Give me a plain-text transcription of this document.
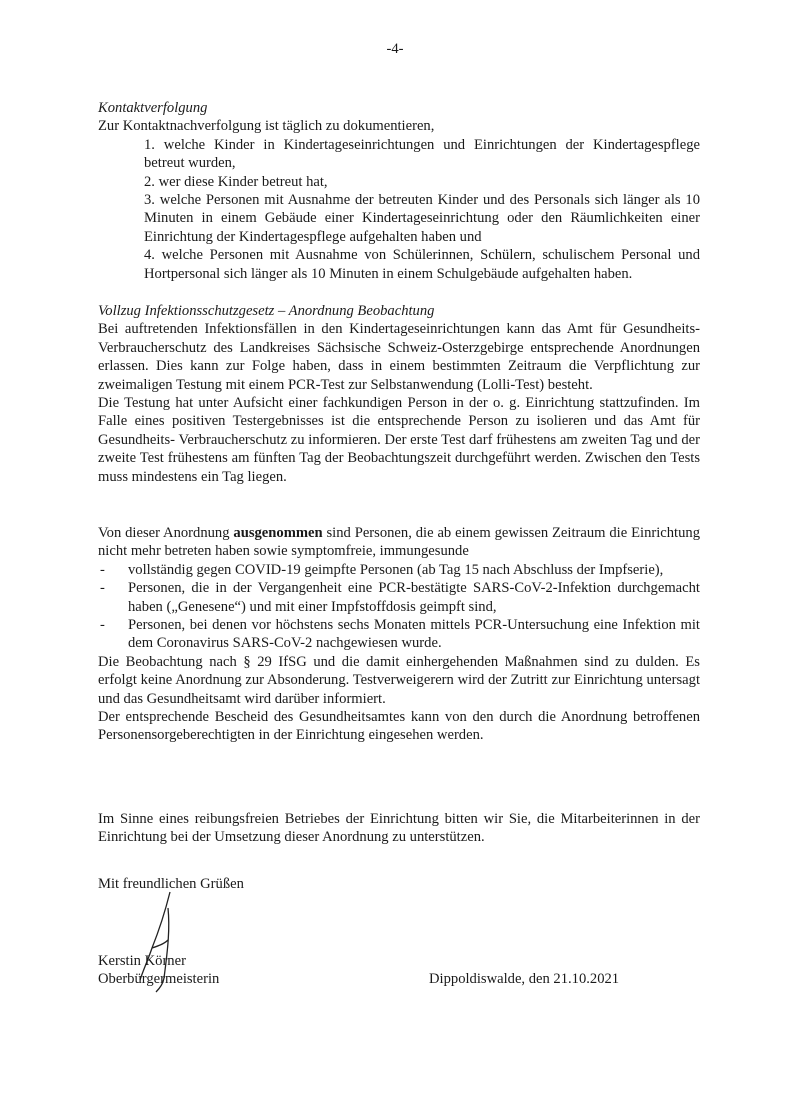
-4-
Kontaktverfolgung
Zur Kontaktnachverfolgung ist täglich zu dokumentieren,
1. welche Kinder in Kindertageseinrichtungen und Einrichtungen der Kindertagespflege betreut wurden,
2. wer diese Kinder betreut hat,
3. welche Personen mit Ausnahme der betreuten Kinder und des Personals sich länger als 10 Minuten in einem Gebäude einer Kindertageseinrichtung oder den Räumlichkeiten einer Einrichtung der Kindertagespflege aufgehalten haben und
4. welche Personen mit Ausnahme von Schülerinnen, Schülern, schulischem Personal und Hortpersonal sich länger als 10 Minuten in einem Schulgebäude aufgehalten haben.
Vollzug Infektionsschutzgesetz – Anordnung Beobachtung
Bei auftretenden Infektionsfällen in den Kindertageseinrichtungen kann das Amt für Gesundheits- Verbraucherschutz des Landkreises Sächsische Schweiz-Osterzgebirge entsprechende Anordnungen erlassen. Dies kann zur Folge haben, dass in einem bestimmten Zeitraum die Verpflichtung zur zweimaligen Testung mit einem PCR-Test zur Selbstanwendung (Lolli-Test) besteht.
Die Testung hat unter Aufsicht einer fachkundigen Person in der o. g. Einrichtung stattzufinden. Im Falle eines positiven Testergebnisses ist die entsprechende Person zu isolieren und das Amt für Gesundheits- Verbraucherschutz zu informieren. Der erste Test darf frühestens am zweiten Tag und der zweite Test frühestens am fünften Tag der Beobachtungszeit durchgeführt werden. Zwischen den Tests muss mindestens ein Tag liegen.
Von dieser Anordnung ausgenommen sind Personen, die ab einem gewissen Zeitraum die Einrichtung nicht mehr betreten haben sowie symptomfreie, immungesunde
-	vollständig gegen COVID-19 geimpfte Personen (ab Tag 15 nach Abschluss der Impfserie),
-	Personen, die in der Vergangenheit eine PCR-bestätigte SARS-CoV-2-Infektion durchgemacht haben („Genesene“) und mit einer Impfstoffdosis geimpft sind,
-	Personen, bei denen vor höchstens sechs Monaten mittels PCR-Untersuchung eine Infektion mit dem Coronavirus SARS-CoV-2 nachgewiesen wurde.
Die Beobachtung nach § 29 IfSG und die damit einhergehenden Maßnahmen sind zu dulden. Es erfolgt keine Anordnung zur Absonderung. Testverweigerern wird der Zutritt zur Einrichtung untersagt und das Gesundheitsamt wird darüber informiert.
Der entsprechende Bescheid des Gesundheitsamtes kann von den durch die Anordnung betroffenen Personensorgeberechtigten in der Einrichtung eingesehen werden.
Im Sinne eines reibungsfreien Betriebes der Einrichtung bitten wir Sie, die Mitarbeiterinnen in der Einrichtung bei der Umsetzung dieser Anordnung zu unterstützen.
Mit freundlichen Grüßen
Kerstin Körner
Oberbürgermeisterin	Dippoldiswalde, den 21.10.2021
